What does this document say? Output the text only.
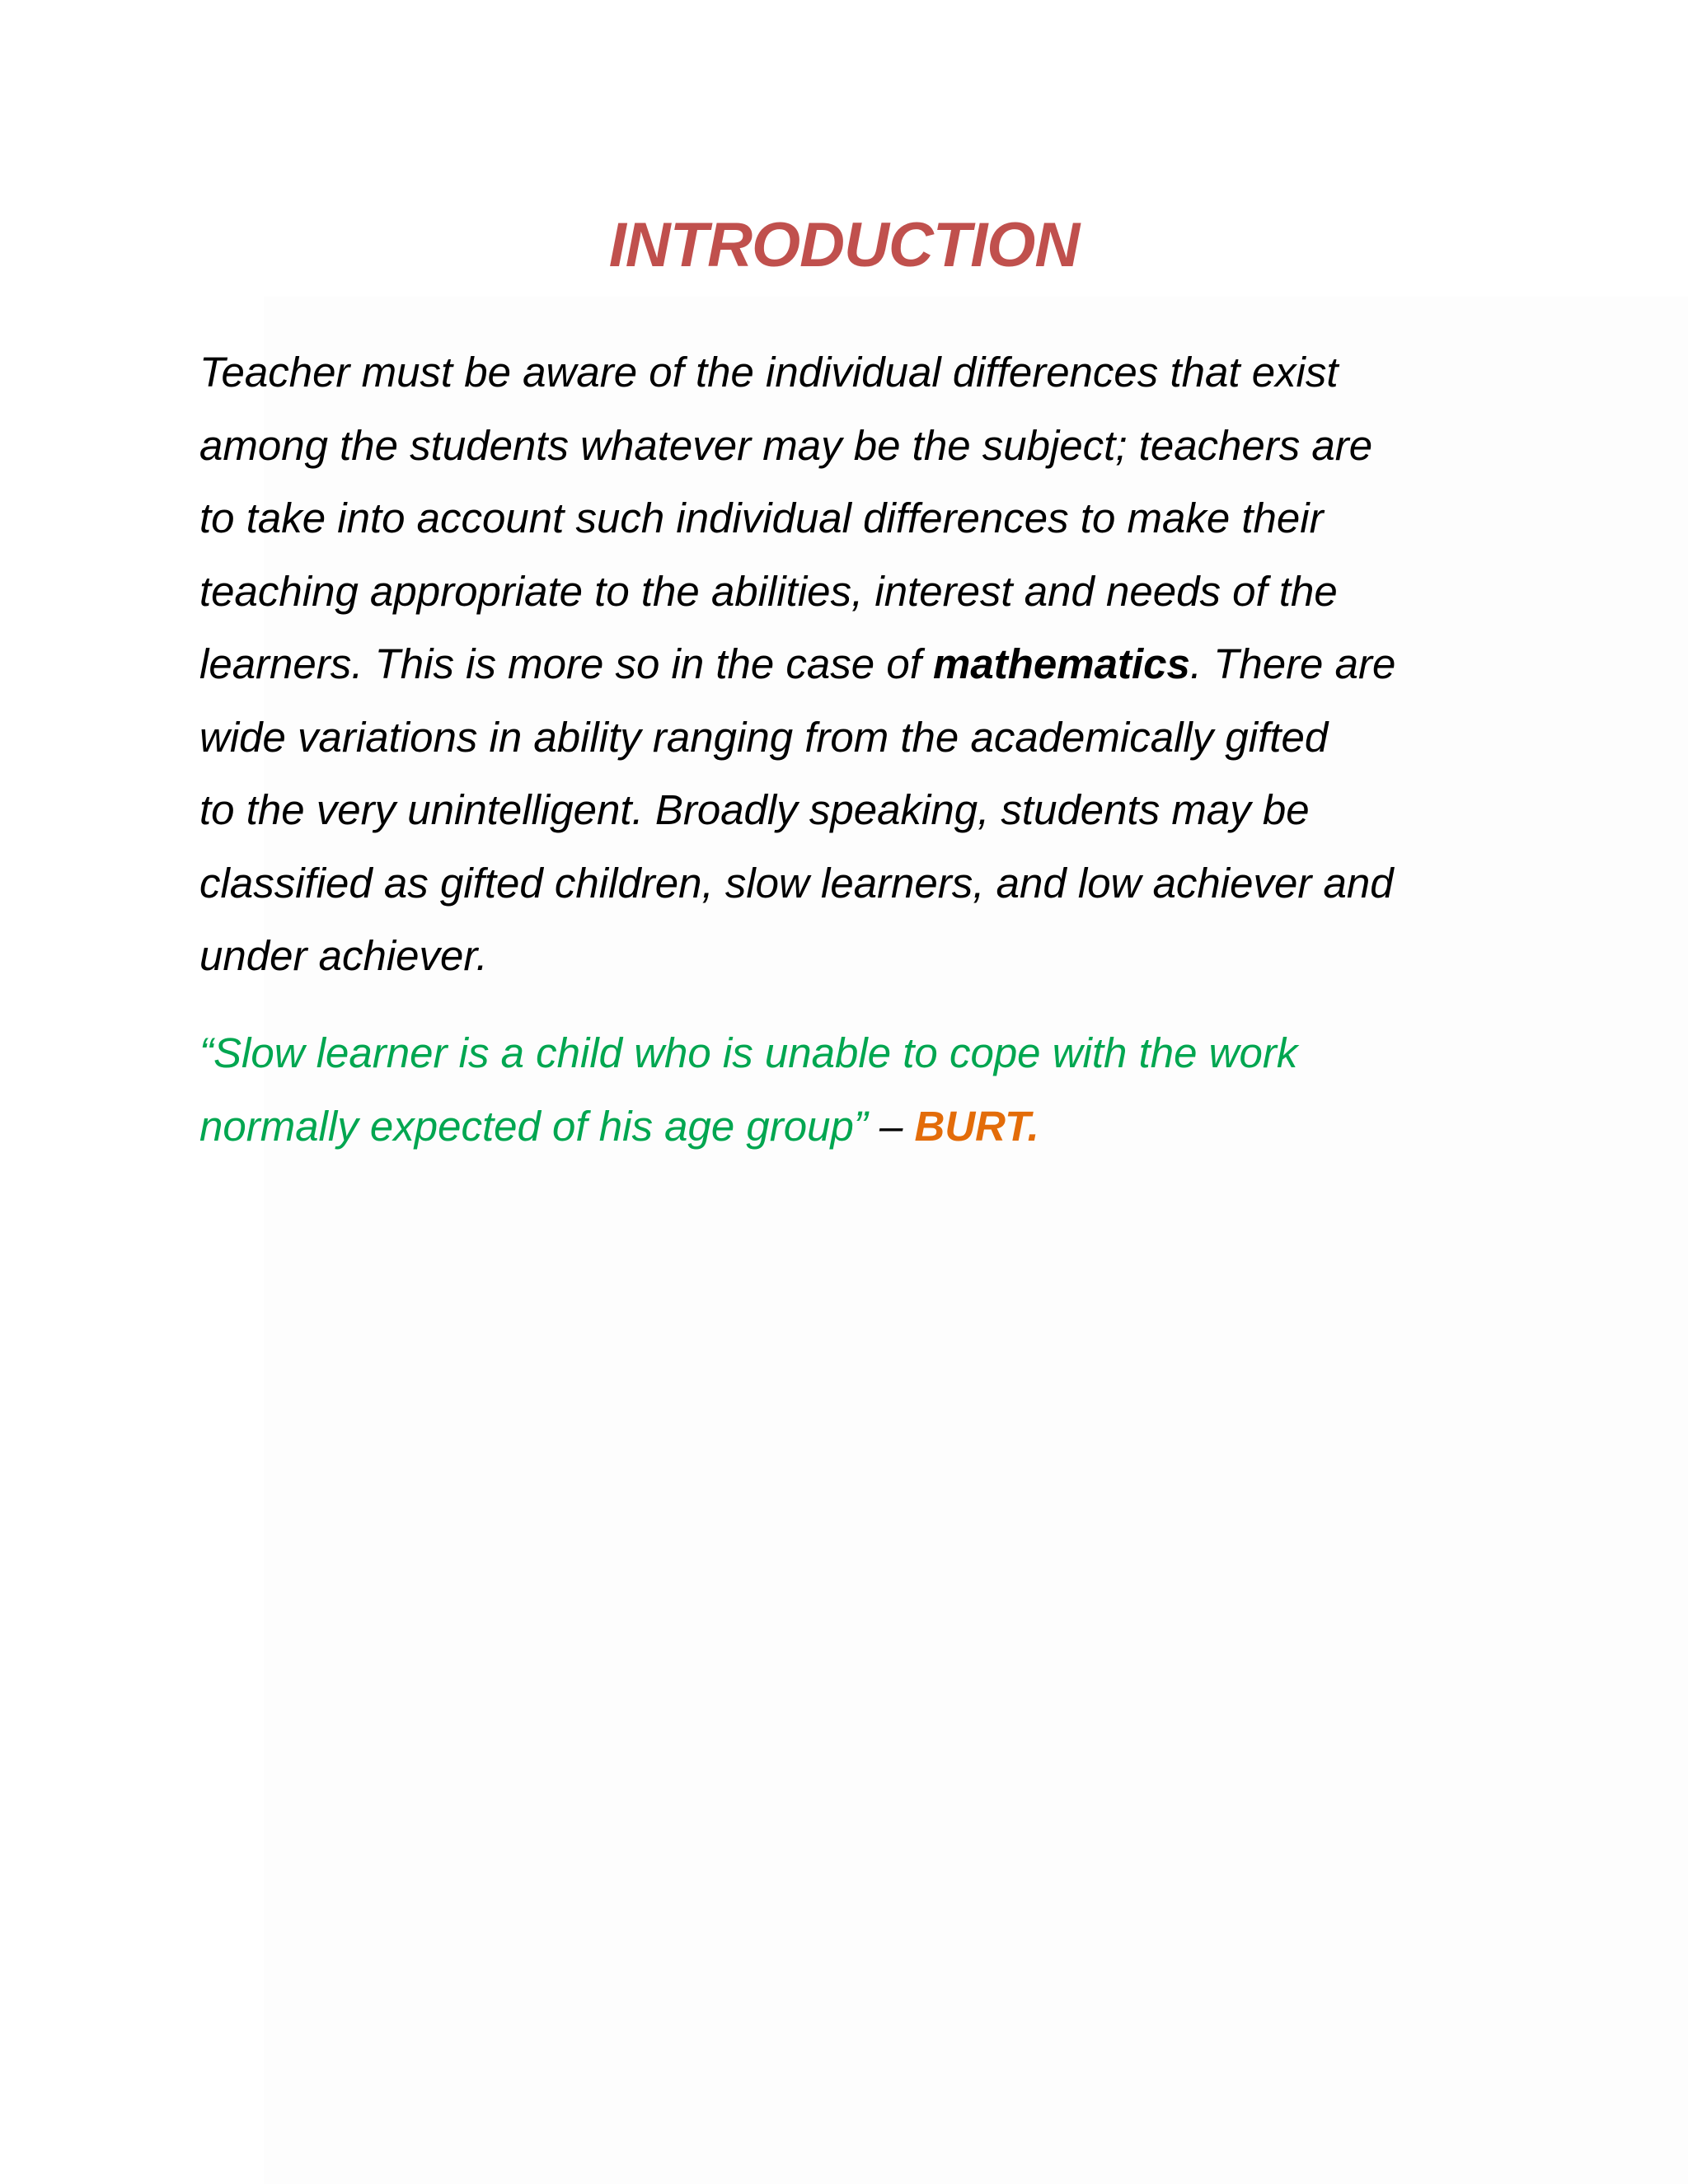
INTRODUCTION

Teacher must be aware of the individual differences that exist
among the students whatever may be the subject; teachers are
to take into account such individual differences to make their
teaching appropriate to the abilities, interest and needs of the
learners. This is more so in the case of mathematics. There are
wide variations in ability ranging from the academically gifted
to the very unintelligent. Broadly speaking, students may be
classified as gifted children, slow learners, and low achiever and
under achiever.

“Slow learner is a child who is unable to cope with the work
normally expected of his age group” – BURT.
